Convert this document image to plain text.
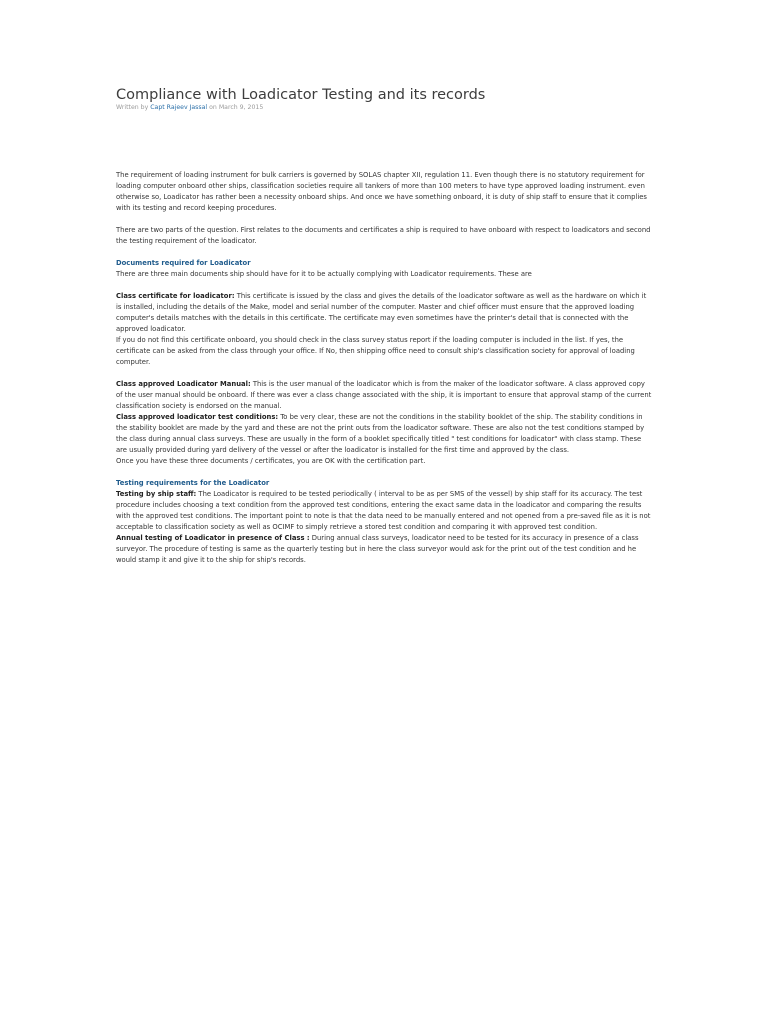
Compliance with Loadicator Testing and its records
Written by Capt Rajeev Jassal on March 9, 2015

The requirement of loading instrument for bulk carriers is governed by SOLAS chapter XII, regulation 11. Even though there is no statutory requirement for loading computer onboard other ships, classification societies require all tankers of more than 100 meters to have type approved loading instrument. even otherwise so, Loadicator has rather been a necessity onboard ships. And once we have something onboard, it is duty of ship staff to ensure that it complies with its testing and record keeping procedures.

There are two parts of the question. First relates to the documents and certificates a ship is required to have onboard with respect to loadicators and second the testing requirement of the loadicator.

Documents required for Loadicator

There are three main documents ship should have for it to be actually complying with Loadicator requirements. These are

Class certificate for loadicator: This certificate is issued by the class and gives the details of the loadicator software as well as the hardware on which it is installed, including the details of the Make, model and serial number of the computer. Master and chief officer must ensure that the approved loading computer's details matches with the details in this certificate. The certificate may even sometimes have the printer's detail that is connected with the approved loadicator.

If you do not find this certificate onboard, you should check in the class survey status report if the loading computer is included in the list. If yes, the certificate can be asked from the class through your office. If No, then shipping office need to consult ship's classification society for approval of loading computer.

Class approved Loadicator Manual: This is the user manual of the loadicator which is from the maker of the loadicator software. A class approved copy of the user manual should be onboard. If there was ever a class change associated with the ship, it is important to ensure that approval stamp of the current classification society is endorsed on the manual.

Class approved loadicator test conditions: To be very clear, these are not the conditions in the stability booklet of the ship. The stability conditions in the stability booklet are made by the yard and these are not the print outs from the loadicator software. These are also not the test conditions stamped by the class during annual class surveys. These are usually in the form of a booklet specifically titled " test conditions for loadicator" with class stamp. These are usually provided during yard delivery of the vessel or after the loadicator is installed for the first time and approved by the class.

Once you have these three documents / certificates, you are OK with the certification part.

Testing requirements for the Loadicator

Testing by ship staff: The Loadicator is required to be tested periodically ( interval to be as per SMS of the vessel) by ship staff for its accuracy. The test procedure includes choosing a text condition from the approved test conditions, entering the exact same data in the loadicator and comparing the results with the approved test conditions. The important point to note is that the data need to be manually entered and not opened from a pre-saved file as it is not acceptable to classification society as well as OCIMF to simply retrieve a stored test condition and comparing it with approved test condition.

Annual testing of Loadicator in presence of Class : During annual class surveys, loadicator need to be tested for its accuracy in presence of a class surveyor. The procedure of testing is same as the quarterly testing but in here the class surveyor would ask for the print out of the test condition and he would stamp it and give it to the ship for ship's records.
